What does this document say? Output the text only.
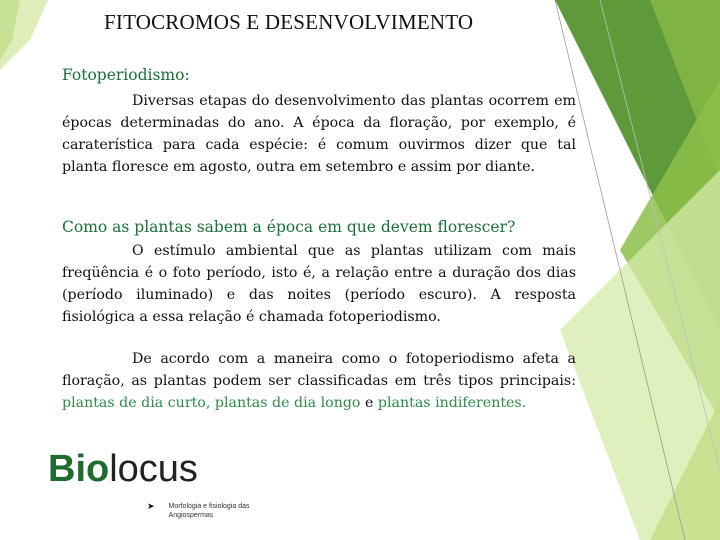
FITOCROMOS E DESENVOLVIMENTO
Fotoperiodismo:

Diversas etapas do desenvolvimento das plantas ocorrem em épocas determinadas do ano. A época da floração, por exemplo, é caraterística para cada espécie: é comum ouvirmos dizer que tal planta floresce em agosto, outra em setembro e assim por diante.

Como as plantas sabem a época em que devem florescer?

O estímulo ambiental que as plantas utilizam com mais freqüência é o foto período, isto é, a relação entre a duração dos dias (período iluminado) e das noites (período escuro). A resposta fisiológica a essa relação é chamada fotoperiodismo.

De acordo com a maneira como o fotoperiodismo afeta a floração, as plantas podem ser classificadas em três tipos principais: plantas de dia curto, plantas de dia longo e plantas indiferentes.

Biolocus
➤ Morfologia e fisiologia das Angiospermas
